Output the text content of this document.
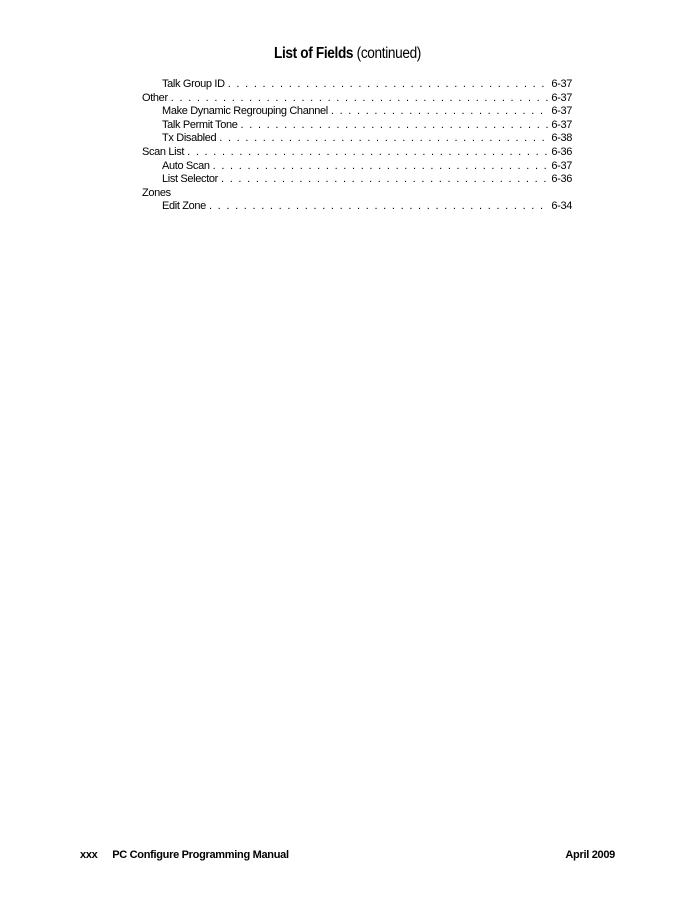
List of Fields (continued)
Talk Group ID . . .	6-37
Other . . .	6-37
Make Dynamic Regrouping Channel . . .	6-37
Talk Permit Tone . . .	6-37
Tx Disabled . . .	6-38
Scan List . . .	6-36
Auto Scan . . .	6-37
List Selector . . .	6-36
Zones
Edit Zone . . .	6-34
xxx PC Configure Programming Manual	April 2009
